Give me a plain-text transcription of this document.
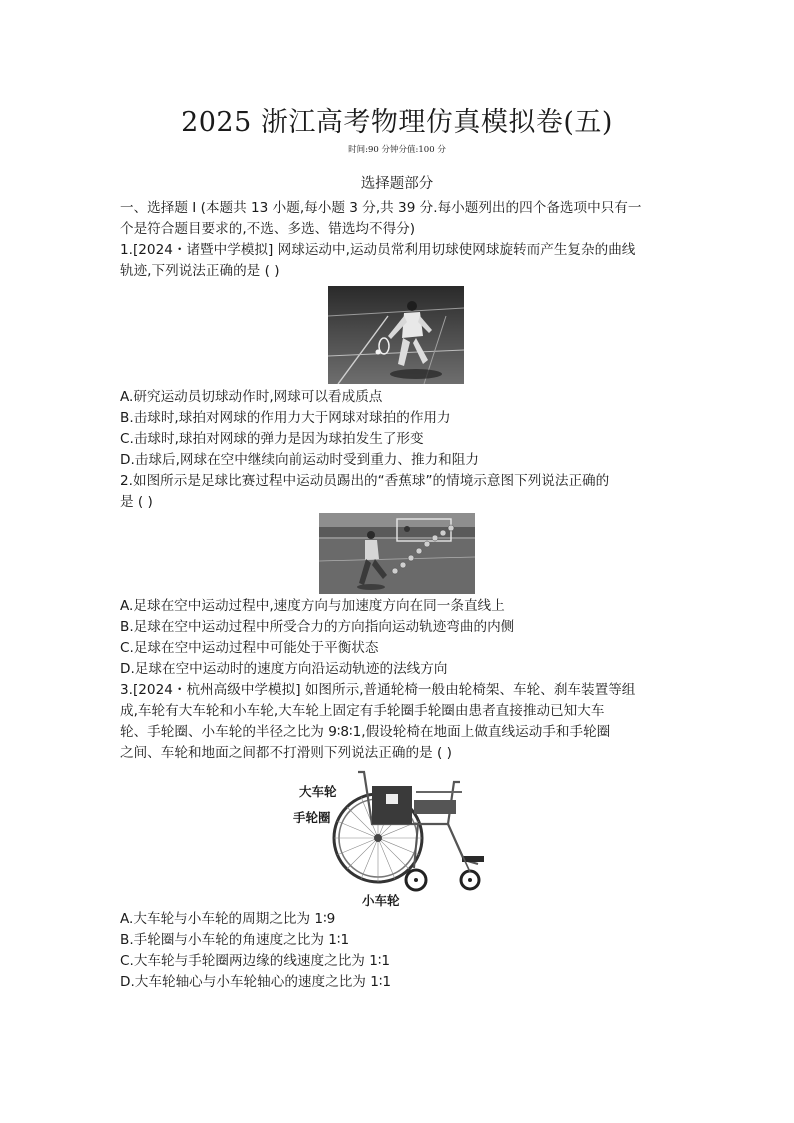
2025 浙江高考物理仿真模拟卷(五)
时间:90 分钟分值:100 分
选择题部分
一、选择题 Ⅰ (本题共 13 小题,每小题 3 分,共 39 分.每小题列出的四个备选项中只有一
个是符合题目要求的,不选、多选、错选均不得分)
1.[2024・诸暨中学模拟] 网球运动中,运动员常利用切球使网球旋转而产生复杂的曲线
轨迹,下列说法正确的是 ( )
A.研究运动员切球动作时,网球可以看成质点
B.击球时,球拍对网球的作用力大于网球对球拍的作用力
C.击球时,球拍对网球的弹力是因为球拍发生了形变
D.击球后,网球在空中继续向前运动时受到重力、推力和阻力
2.如图所示是足球比赛过程中运动员踢出的“香蕉球”的情境示意图下列说法正确的
是 ( )
A.足球在空中运动过程中,速度方向与加速度方向在同一条直线上
B.足球在空中运动过程中所受合力的方向指向运动轨迹弯曲的内侧
C.足球在空中运动过程中可能处于平衡状态
D.足球在空中运动时的速度方向沿运动轨迹的法线方向
3.[2024・杭州高级中学模拟] 如图所示,普通轮椅一般由轮椅架、车轮、刹车装置等组
成,车轮有大车轮和小车轮,大车轮上固定有手轮圈手轮圈由患者直接推动已知大车
轮、手轮圈、小车轮的半径之比为 9∶8∶1,假设轮椅在地面上做直线运动手和手轮圈
之间、车轮和地面之间都不打滑则下列说法正确的是 ( )
大车轮
手轮圈
小车轮
A.大车轮与小车轮的周期之比为 1∶9
B.手轮圈与小车轮的角速度之比为 1∶1
C.大车轮与手轮圈两边缘的线速度之比为 1∶1
D.大车轮轴心与小车轮轴心的速度之比为 1∶1
